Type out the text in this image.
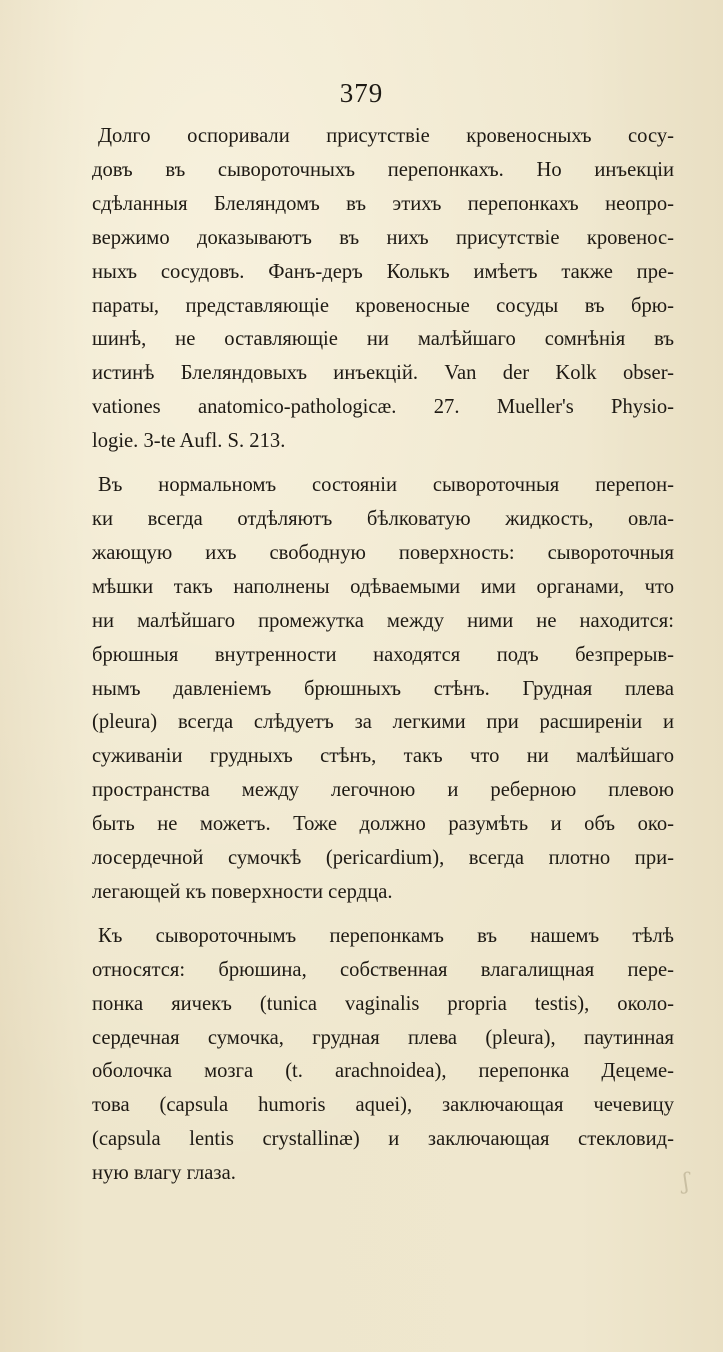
379

Долго оспоривали присутствіе кровеносныхъ сосу-
довъ въ сывороточныхъ перепонкахъ. Но инъекціи
сдѣланныя Блеляндомъ въ этихъ перепонкахъ неопро-
вержимо доказываютъ въ нихъ присутствіе кровенос-
ныхъ сосудовъ. Фанъ-деръ Колькъ имѣетъ также пре-
параты, представляющіе кровеносные сосуды въ брю-
шинѣ, не оставляющіе ни малѣйшаго сомнѣнія въ
истинѣ Блеляндовыхъ инъекцій. Van der Kolk obser-
vationes anatomico-pathologicæ. 27. Mueller's Physio-
logie. 3-te Aufl. S. 213.

Въ нормальномъ состояніи сывороточныя перепон-
ки всегда отдѣляютъ бѣлковатую жидкость, овла-
жающую ихъ свободную поверхность: сывороточныя
мѣшки такъ наполнены одѣваемыми ими органами, что
ни малѣйшаго промежутка между ними не находится:
брюшныя внутренности находятся подъ безпрерыв-
нымъ давленіемъ брюшныхъ стѣнъ. Грудная плева
(pleura) всегда слѣдуетъ за легкими при расширеніи и
суживаніи грудныхъ стѣнъ, такъ что ни малѣйшаго
пространства между легочною и реберною плевою
быть не можетъ. Тоже должно разумѣть и объ око-
лосердечной сумочкѣ (pericardium), всегда плотно при-
легающей къ поверхности сердца.

Къ сывороточнымъ перепонкамъ въ нашемъ тѣлѣ
относятся: брюшина, собственная влагалищная пере-
понка яичекъ (tunica vaginalis proprіa testis), около-
сердечная сумочка, грудная плева (pleura), паутинная
оболочка мозга (t. arachnoidea), перепонка Децеме-
това (capsula humoris aquei), заключающая чечевицу
(capsula lentis crystallinæ) и заключающая стекловид-
ную влагу глаза.	ʃ
